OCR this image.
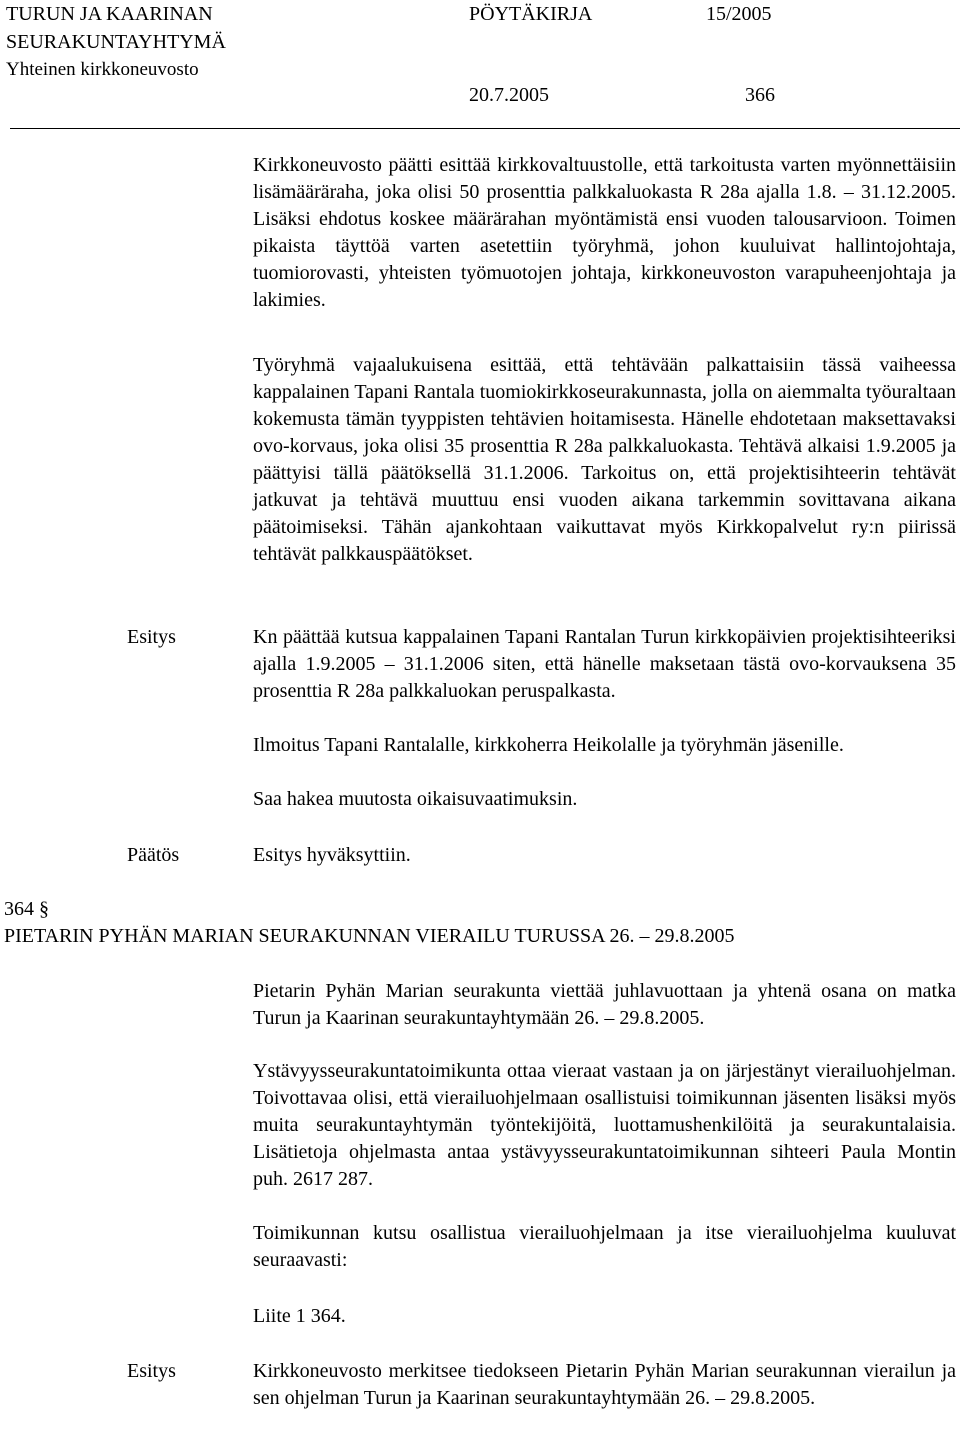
TURUN JA KAARINAN
SEURAKUNTAYHTYMÄ
Yhteinen kirkkoneuvosto
PÖYTÄKIRJA	15/2005
20.7.2005	366

Kirkkoneuvosto päätti esittää kirkkovaltuustolle, että tarkoitusta varten myönnettäisiin lisämääräraha, joka olisi 50 prosenttia palkkaluokasta R 28a ajalla 1.8. – 31.12.2005. Lisäksi ehdotus koskee määrärahan myöntämistä ensi vuoden talousarvioon. Toimen pikaista täyttöä varten asetettiin työryhmä, johon kuuluivat hallintojohtaja, tuomiorovasti, yhteisten työmuotojen johtaja, kirkkoneuvoston varapuheenjohtaja ja lakimies.

Työryhmä vajaalukuisena esittää, että tehtävään palkattaisiin tässä vaiheessa kappalainen Tapani Rantala tuomiokirkkoseurakunnasta, jolla on aiemmalta työuraltaan kokemusta tämän tyyppisten tehtävien hoitamisesta. Hänelle ehdotetaan maksettavaksi ovo-korvaus, joka olisi 35 prosenttia R 28a palkkaluokasta. Tehtävä alkaisi 1.9.2005 ja päättyisi tällä päätöksellä 31.1.2006. Tarkoitus on, että projektisihteerin tehtävät jatkuvat ja tehtävä muuttuu ensi vuoden aikana tarkemmin sovittavana aikana päätoimiseksi. Tähän ajankohtaan vaikuttavat myös Kirkkopalvelut ry:n piirissä tehtävät palkkauspäätökset.

Esitys	Kn päättää kutsua kappalainen Tapani Rantalan Turun kirkkopäivien projektisihteeriksi ajalla 1.9.2005 – 31.1.2006 siten, että hänelle maksetaan tästä ovo-korvauksena 35 prosenttia R 28a palkkaluokan peruspalkasta.

Ilmoitus Tapani Rantalalle, kirkkoherra Heikolalle ja työryhmän jäsenille.

Saa hakea muutosta oikaisuvaatimuksin.

Päätös	Esitys hyväksyttiin.

364 §
PIETARIN PYHÄN MARIAN SEURAKUNNAN VIERAILU TURUSSA 26. – 29.8.2005

Pietarin Pyhän Marian seurakunta viettää juhlavuottaan ja yhtenä osana on matka Turun ja Kaarinan seurakuntayhtymään 26. – 29.8.2005.

Ystävyysseurakuntatoimikunta ottaa vieraat vastaan ja on järjestänyt vierailuohjelman. Toivottavaa olisi, että vierailuohjelmaan osallistuisi toimikunnan jäsenten lisäksi myös muita seurakuntayhtymän työntekijöitä, luottamushenkilöitä ja seurakuntalaisia. Lisätietoja ohjelmasta antaa ystävyysseurakuntatoimikunnan sihteeri Paula Montin puh. 2617 287.

Toimikunnan kutsu osallistua vierailuohjelmaan ja itse vierailuohjelma kuuluvat seuraavasti:

Liite 1 364.

Esitys	Kirkkoneuvosto merkitsee tiedokseen Pietarin Pyhän Marian seurakunnan vierailun ja sen ohjelman Turun ja Kaarinan seurakuntayhtymään 26. – 29.8.2005.
